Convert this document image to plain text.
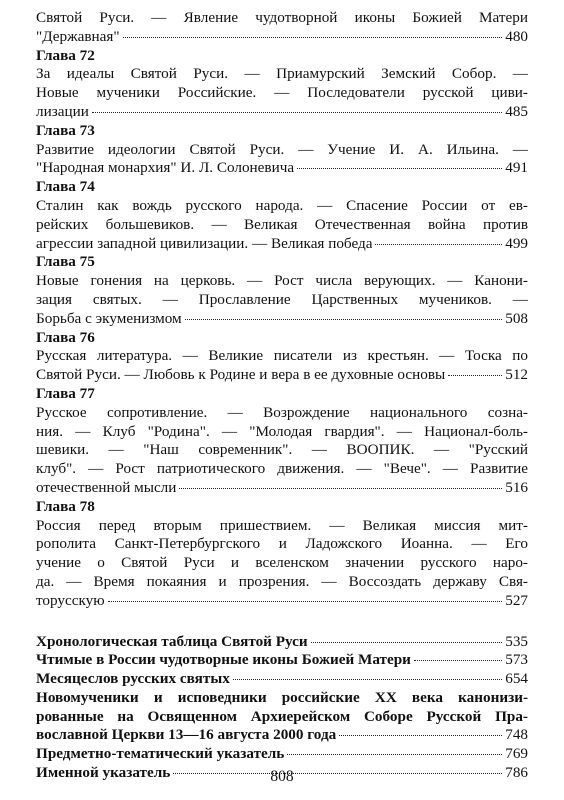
Святой Руси. — Явление чудотворной иконы Божией Матери
"Державная"	480
Глава 72
За идеалы Святой Руси. — Приамурский Земский Собор. —
Новые мученики Российские. — Последователи русской циви-
лизации	485
Глава 73
Развитие идеологии Святой Руси. — Учение И. А. Ильина. —
"Народная монархия" И. Л. Солоневича	491
Глава 74
Сталин как вождь русского народа. — Спасение России от ев-
рейских большевиков. — Великая Отечественная война против
агрессии западной цивилизации. — Великая победа	499
Глава 75
Новые гонения на церковь. — Рост числа верующих. — Канони-
зация святых. — Прославление Царственных мучеников. —
Борьба с экуменизмом	508
Глава 76
Русская литература. — Великие писатели из крестьян. — Тоска по
Святой Руси. — Любовь к Родине и вера в ее духовные основы	512
Глава 77
Русское сопротивление. — Возрождение национального созна-
ния. — Клуб "Родина". — "Молодая гвардия". — Национал-боль-
шевики. — "Наш современник". — ВООПИК. — "Русский
клуб". — Рост патриотического движения. — "Вече". — Развитие
отечественной мысли	516
Глава 78
Россия перед вторым пришествием. — Великая миссия мит-
рополита Санкт-Петербургского и Ладожского Иоанна. — Его
учение о Святой Руси и вселенском значении русского наро-
да. — Время покаяния и прозрения. — Воссоздать державу Свя-
торусскую	527
Хронологическая таблица Святой Руси	535
Чтимые в России чудотворные иконы Божией Матери	573
Месяцеслов русских святых	654
Новомученики и исповедники российские XX века канонизи-
рованные на Освященном Архиерейском Соборе Русской Пра-
вославной Церкви 13—16 августа 2000 года	748
Предметно-тематический указатель	769
Именной указатель	786
808
